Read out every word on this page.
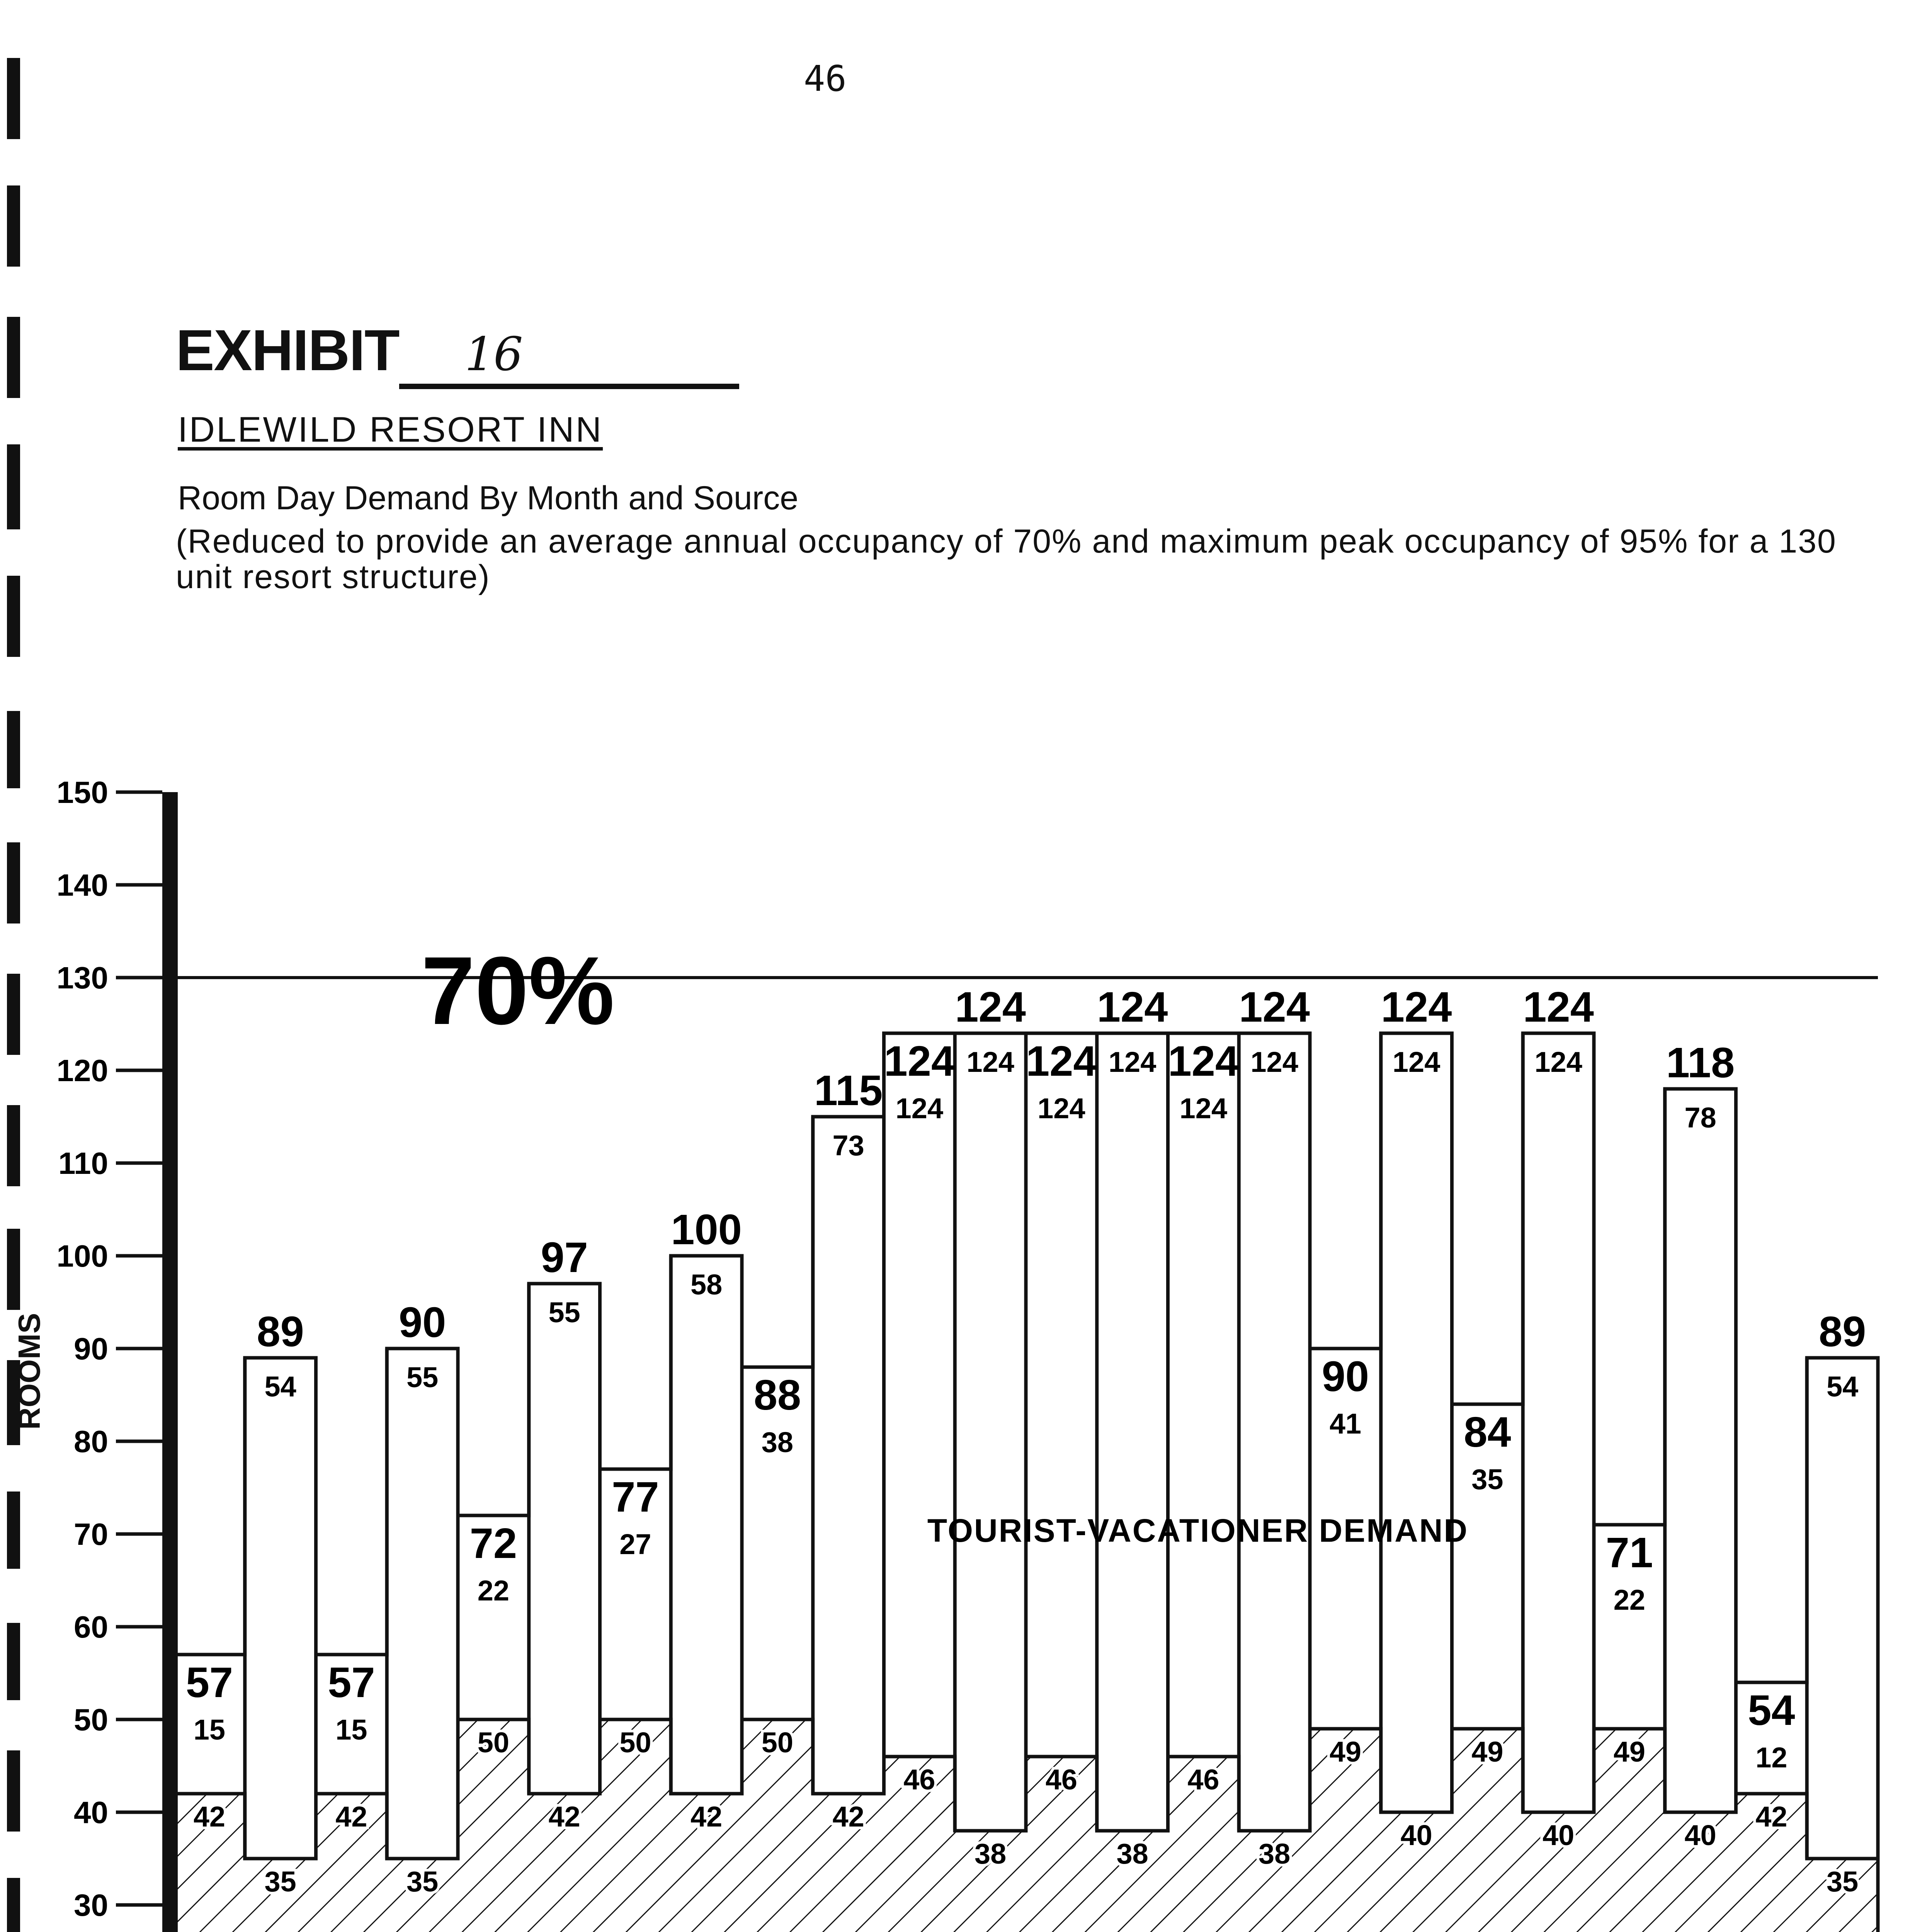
46
EXHIBIT 16
IDLEWILD RESORT INN
Room Day Demand By Month and Source
(Reduced to provide an average annual occupancy of 70% and maximum peak occupancy of 95% for a 130 unit resort structure)
ROOMS
30
40
50
60
70
80
90
100
110
120
130
140
150
70%
57
15
89
54
57
15
90
55
72
22
97
55
77
27
100
58
88
38
115
73
124
124
124
124 124
124
124
124 124
124
124
124
90
41
124
124
84
35
124
124
71
22
118
78
54
12
89
54
42
35
42
35
50
42
50
42
50
42
46
38
46
38
46
38
49
40
49
40
49
40
42
35
TOURIST-VACATIONER DEMAND
